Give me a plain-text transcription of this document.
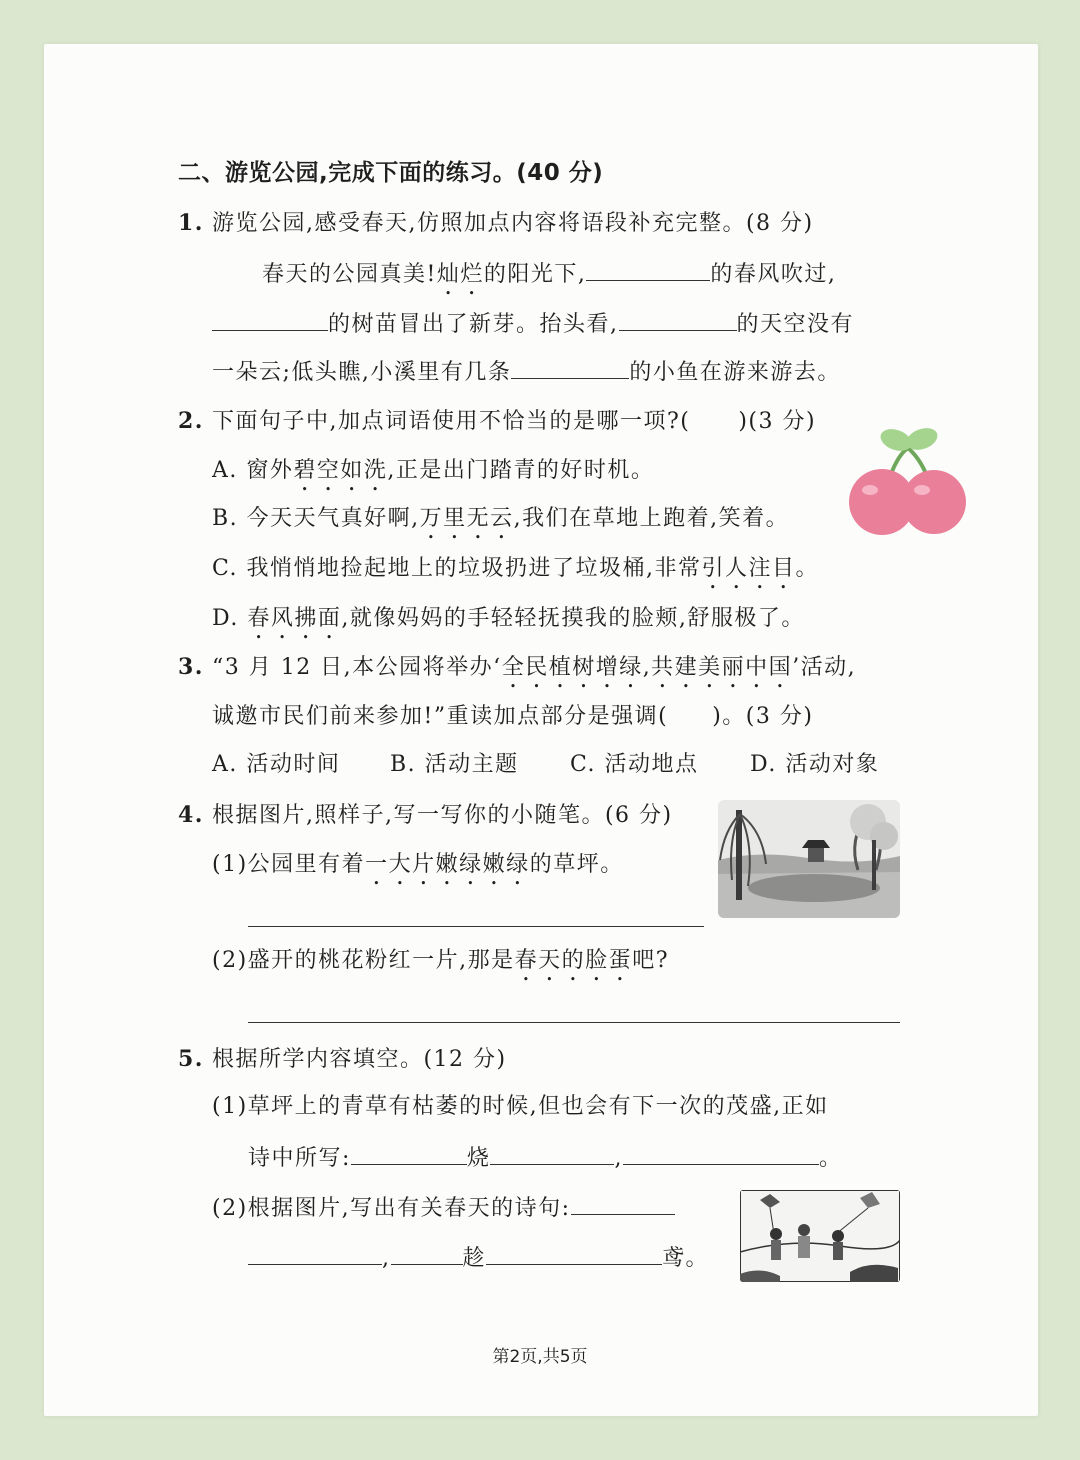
二、游览公园,完成下面的练习。(40 分)
1. 游览公园,感受春天,仿照加点内容将语段补充完整。(8 分)
春天的公园真美!灿烂的阳光下,	的春风吹过,
的树苗冒出了新芽。抬头看,	的天空没有
一朵云;低头瞧,小溪里有几条	的小鱼在游来游去。
2. 下面句子中,加点词语使用不恰当的是哪一项?( )(3 分)
A. 窗外碧空如洗,正是出门踏青的好时机。
B. 今天天气真好啊,万里无云,我们在草地上跑着,笑着。
C. 我悄悄地捡起地上的垃圾扔进了垃圾桶,非常引人注目。
D. 春风拂面,就像妈妈的手轻轻抚摸我的脸颊,舒服极了。
3. “3 月 12 日,本公园将举办‘全民植树增绿,共建美丽中国’活动,
诚邀市民们前来参加!”重读加点部分是强调( )。(3 分)
A. 活动时间 B. 活动主题 C. 活动地点 D. 活动对象
4. 根据图片,照样子,写一写你的小随笔。(6 分)
(1)公园里有着一大片嫩绿嫩绿的草坪。
(2)盛开的桃花粉红一片,那是春天的脸蛋吧?
5. 根据所学内容填空。(12 分)
(1)草坪上的青草有枯萎的时候,但也会有下一次的茂盛,正如
诗中所写:	烧	,	。
(2)根据图片,写出有关春天的诗句:
,	趁	鸢。
第2页,共5页
